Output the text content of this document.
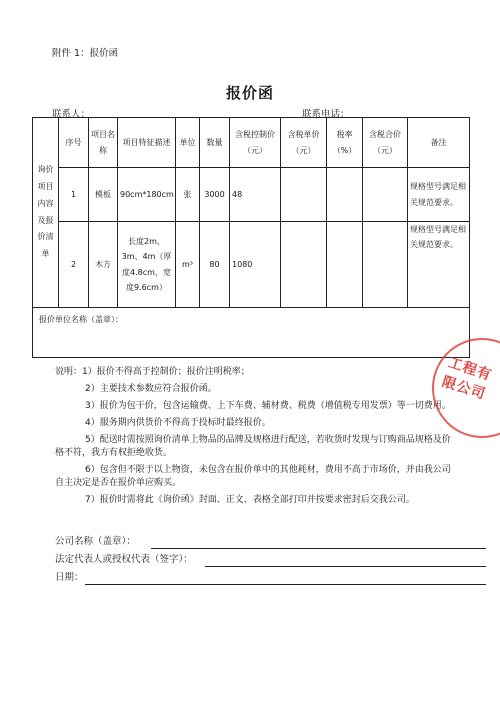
附件 1：报价函
报价函
联系人：	联系电话：
询价项目内容及报价清单	序号	项目名称	项目特征描述	单位	数量	含税控制价（元）	含税单价（元）	税率（%）	含税合价（元）	备注
	1	模板	90cm*180cm	张	3000	48				规格型号满足相关规范要求。
	2	木方	长度2m、3m、4m（厚度4.8cm，宽度9.6cm）	m³	80	1080				规格型号满足相关规范要求。
报价单位名称（盖章）：										

说明：1）报价不得高于控制价；报价注明税率；

2）主要技术参数应符合报价函。

3）报价为包干价，包含运输费、上下车费、辅材费、税费（增值税专用发票）等一切费用。

4）服务期内供货价不得高于投标时最终报价。

5）配送时需按照询价清单上物品的品牌及规格进行配送，若收货时发现与订购商品规格及价格不符，我方有权拒绝收货。

6）包含但不限于以上物资，未包含在报价单中的其他耗材，费用不高于市场价，并由我公司自主决定是否在报价单应购买。

7）报价时需将此《询价函》封面、正文、表格全部打印并按要求密封后交我公司。

公司名称（盖章）：
法定代表人或授权代表（签字）：
日期：
工程有限公司
